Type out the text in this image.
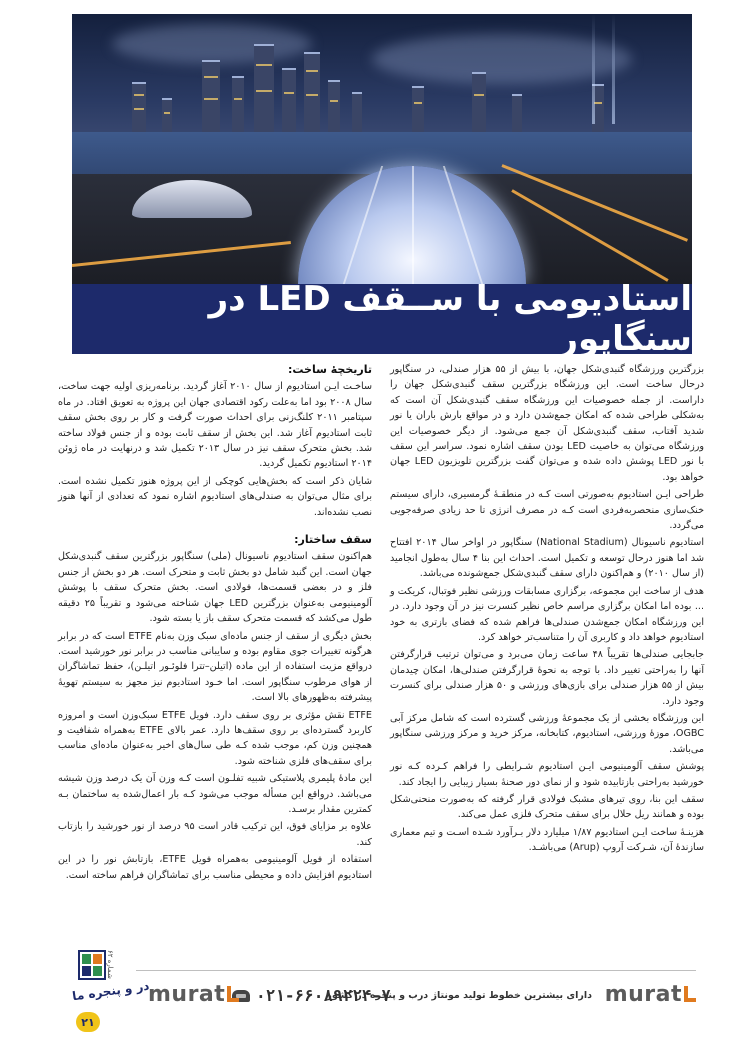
استادیومی با ســقف LED در سنگاپور

بزرگترین ورزشگاه گنبدی‌شکل جهان، با بیش از ۵۵ هزار صندلی، در سنگاپور درحال ساخت است. این ورزشگاه بزرگترین سقف گنبدی‌شکل جهان را داراست. از جمله خصوصیات این ورزشگاه سقف گنبدی‌شکل آن است که به‌شکلی طراحی شده که امکان جمع‌شدن دارد و در مواقع بارش باران یا نور شدید آفتاب، سقف گنبدی‌شکل آن جمع می‌شود. از دیگر خصوصیات این ورزشگاه می‌توان به خاصیت LED بودن سقف اشاره نمود. سراسر این سقف با نور LED پوشش داده شده و می‌توان گفت بزرگترین تلویزیون LED جهان خواهد بود.

طراحی ایـن استادیوم به‌صورتی است کـه در منطقـهٔ گرمسیری، دارای سیستم خنک‌سازی منحصربه‌فردی است کـه در مصرف انرژی تا حد زیادی صرفه‌جویی می‌گردد.

استادیوم ناسیونال (National Stadium) سنگاپور در اواخر سال ۲۰۱۴ افتتاح شد اما هنوز درحال توسعه و تکمیل است. احداث این بنا ۴ سال به‌طول انجامید (از سال ۲۰۱۰) و هم‌اکنون دارای سقف گنبدی‌شکل جمع‌شونده می‌باشد.

هدف از ساخت این مجموعه، برگزاری مسابقات ورزشی نظیر فوتبال، کریکت و ... بوده اما امکان برگزاری مراسم خاص نظیر کنسرت نیز در آن وجود دارد. در این ورزشگاه امکان جمع‌شدن صندلی‌ها فراهم شده که فضای بازتری به خود استادیوم خواهد داد و کاربری آن را متناسب‌تر خواهد کرد.

جابجایی صندلی‌ها تقریباً ۴۸ ساعت زمان می‌برد و می‌توان ترتیب قرارگرفتن آنها را به‌راحتی تغییر داد. با توجه به نحوهٔ قرارگرفتن صندلی‌ها، امکان چیدمان بیش از ۵۵ هزار صندلی برای بازی‌های ورزشی و ۵۰ هزار صندلی برای کنسرت وجود دارد.

این ورزشگاه بخشی از یک مجموعهٔ ورزشی گسترده است که شامل مرکز آبی OGBC، موزهٔ ورزشی، استادیوم، کتابخانه، مرکز خرید و مرکز ورزشی سنگاپور می‌باشد.

پوشش سقف آلومینیومی ایـن استادیوم شـرایطی را فراهم کـرده کـه نور خورشید به‌راحتی بازتابیده شود و از نمای دور صحنهٔ بسیار زیبایی را ایجاد کند.

سقف این بنا، روی تیرهای مشبک فولادی قرار گرفته که به‌صورت منحنی‌شکل بوده و همانند ریل حلال برای سقف متحرک فلزی عمل می‌کند.

هزینـهٔ ساخت ایـن استادیوم ۱/۸۷ میلیارد دلار بـرآورد شـده اسـت و تیم معماری سازندهٔ آن، شـرکت آروپ (Arup) می‌باشـد.

تاریخچهٔ ساخت:

ساخـت ایـن استادیوم از سال ۲۰۱۰ آغاز گردید. برنامه‌ریزی اولیه جهت ساخت، سال ۲۰۰۸ بود اما به‌علت رکود اقتصادی جهان این پروژه به تعویق افتاد. در ماه سپتامبر ۲۰۱۱ کلنگ‌زنی برای احداث صورت گرفت و کار بر روی بخش سقف ثابت استادیوم آغاز شد. این بخش از سقف ثابت بوده و از جنس فولاد ساخته شد. بخش متحرک سقف نیز در سال ۲۰۱۳ تکمیل شد و درنهایت در ماه ژوئن ۲۰۱۴ استادیوم تکمیل گردید.

شایان ذکر است که بخش‌هایی کوچکی از این پروژه هنوز تکمیل نشده است. برای مثال می‌توان به صندلی‌های استادیوم اشاره نمود که تعدادی از آنها هنوز نصب نشده‌اند.

سقف ساختار:

هم‌اکنون سقف استادیوم ناسیونال (ملی) سنگاپور بزرگترین سقف گنبدی‌شکل جهان است. این گنبد شامل دو بخش ثابت و متحرک است. هر دو بخش از جنس فلز و در بعضی قسمت‌ها، فولادی است. بخش متحرک سقف با پوشش آلومینیومی به‌عنوان بزرگترین LED جهان شناخته می‌شود و تقریباً ۲۵ دقیقه طول می‌کشد که قسمت متحرک سقف باز یا بسته شود.

بخش دیگری از سقف از جنس ماده‌ای سبک وزن به‌نام ETFE است که در برابر هرگونه تغییرات جوی مقاوم بوده و سایبانی مناسب در برابر نور خورشید است. درواقع مزیت استفاده از این ماده (اتیلن–تترا فلوئـور اتیلـن)، حفظ تماشاگران از هوای مرطوب سنگاپور است. اما خـود استادیوم نیز مجهز به سیستم تهویهٔ پیشرفته به‌ظهورهای بالا است.

ETFE نقش مؤثری بر روی سقف دارد. فویل ETFE سبک‌وزن است و امروزه کاربرد گسترده‌ای بر روی سقف‌ها دارد. عمر بالای ETFE به‌همراه شفافیت و همچنین وزن کم، موجب شده کـه طی سال‌های اخیر به‌عنوان ماده‌ای مناسب برای سقف‌های فلزی شناخته شود.

این مادهٔ پلیمری پلاستیکی شبیه تفلـون است کـه وزن آن یک درصد وزن شیشه می‌باشد. درواقع این مسأله موجب می‌شود کـه بار اعمال‌شده به ساختمان بـه کمترین مقدار برسـد.

علاوه بر مزایای فوق، این ترکیب قادر است ۹۵ درصد از نور خورشید را بازتاب کند.

استفاده از فویل آلومینیومی به‌همراه فویل ETFE، بازتابش نور را در این استادیوم افزایش داده و محیطی مناسب برای تماشاگران فراهم ساخته است.

murat
دارای بیشترین خطوط تولید مونتاژ درب و پنجره در کشور
۰۲۱-۶۶۰۸۹۲۲۴-۷
murat
شماره ۶۲
در و پنجره ما
۲۱
